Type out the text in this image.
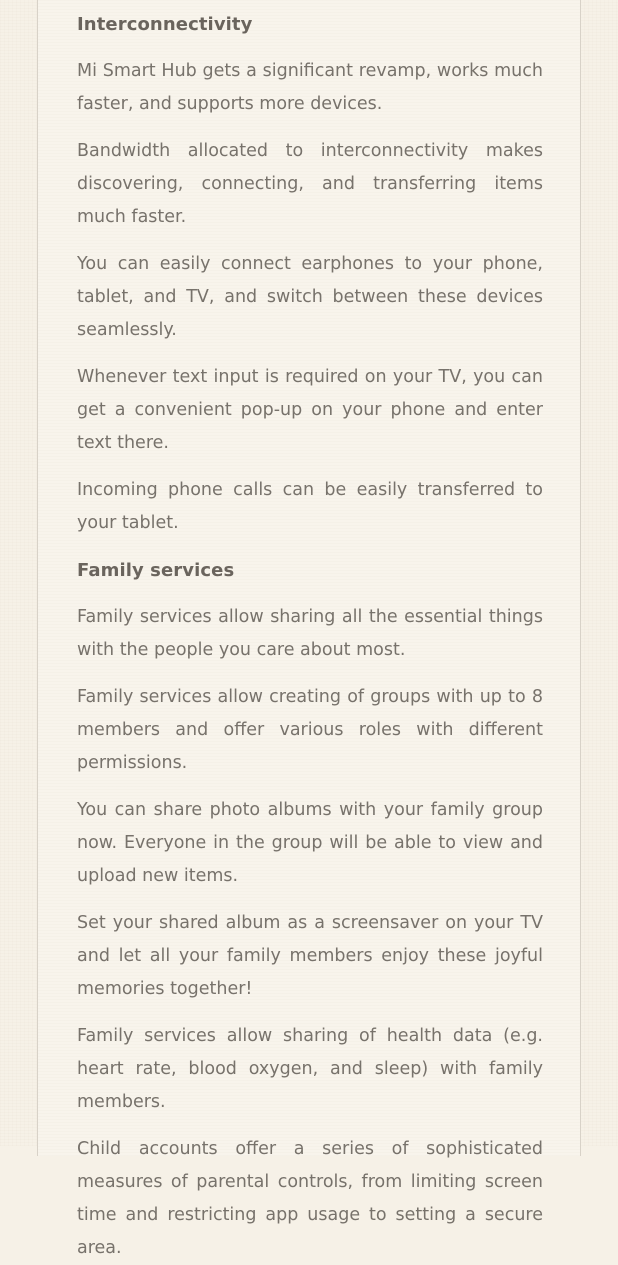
Interconnectivity

Mi Smart Hub gets a significant revamp, works much faster, and supports more devices.

Bandwidth allocated to interconnectivity makes discovering, connecting, and transferring items much faster.

You can easily connect earphones to your phone, tablet, and TV, and switch between these devices seamlessly.

Whenever text input is required on your TV, you can get a convenient pop-up on your phone and enter text there.

Incoming phone calls can be easily transferred to your tablet.

Family services

Family services allow sharing all the essential things with the people you care about most.

Family services allow creating of groups with up to 8 members and offer various roles with different permissions.

You can share photo albums with your family group now. Everyone in the group will be able to view and upload new items.

Set your shared album as a screensaver on your TV and let all your family members enjoy these joyful memories together!

Family services allow sharing of health data (e.g. heart rate, blood oxygen, and sleep) with family members.

Child accounts offer a series of sophisticated measures of parental controls, from limiting screen time and restricting app usage to setting a secure area.
